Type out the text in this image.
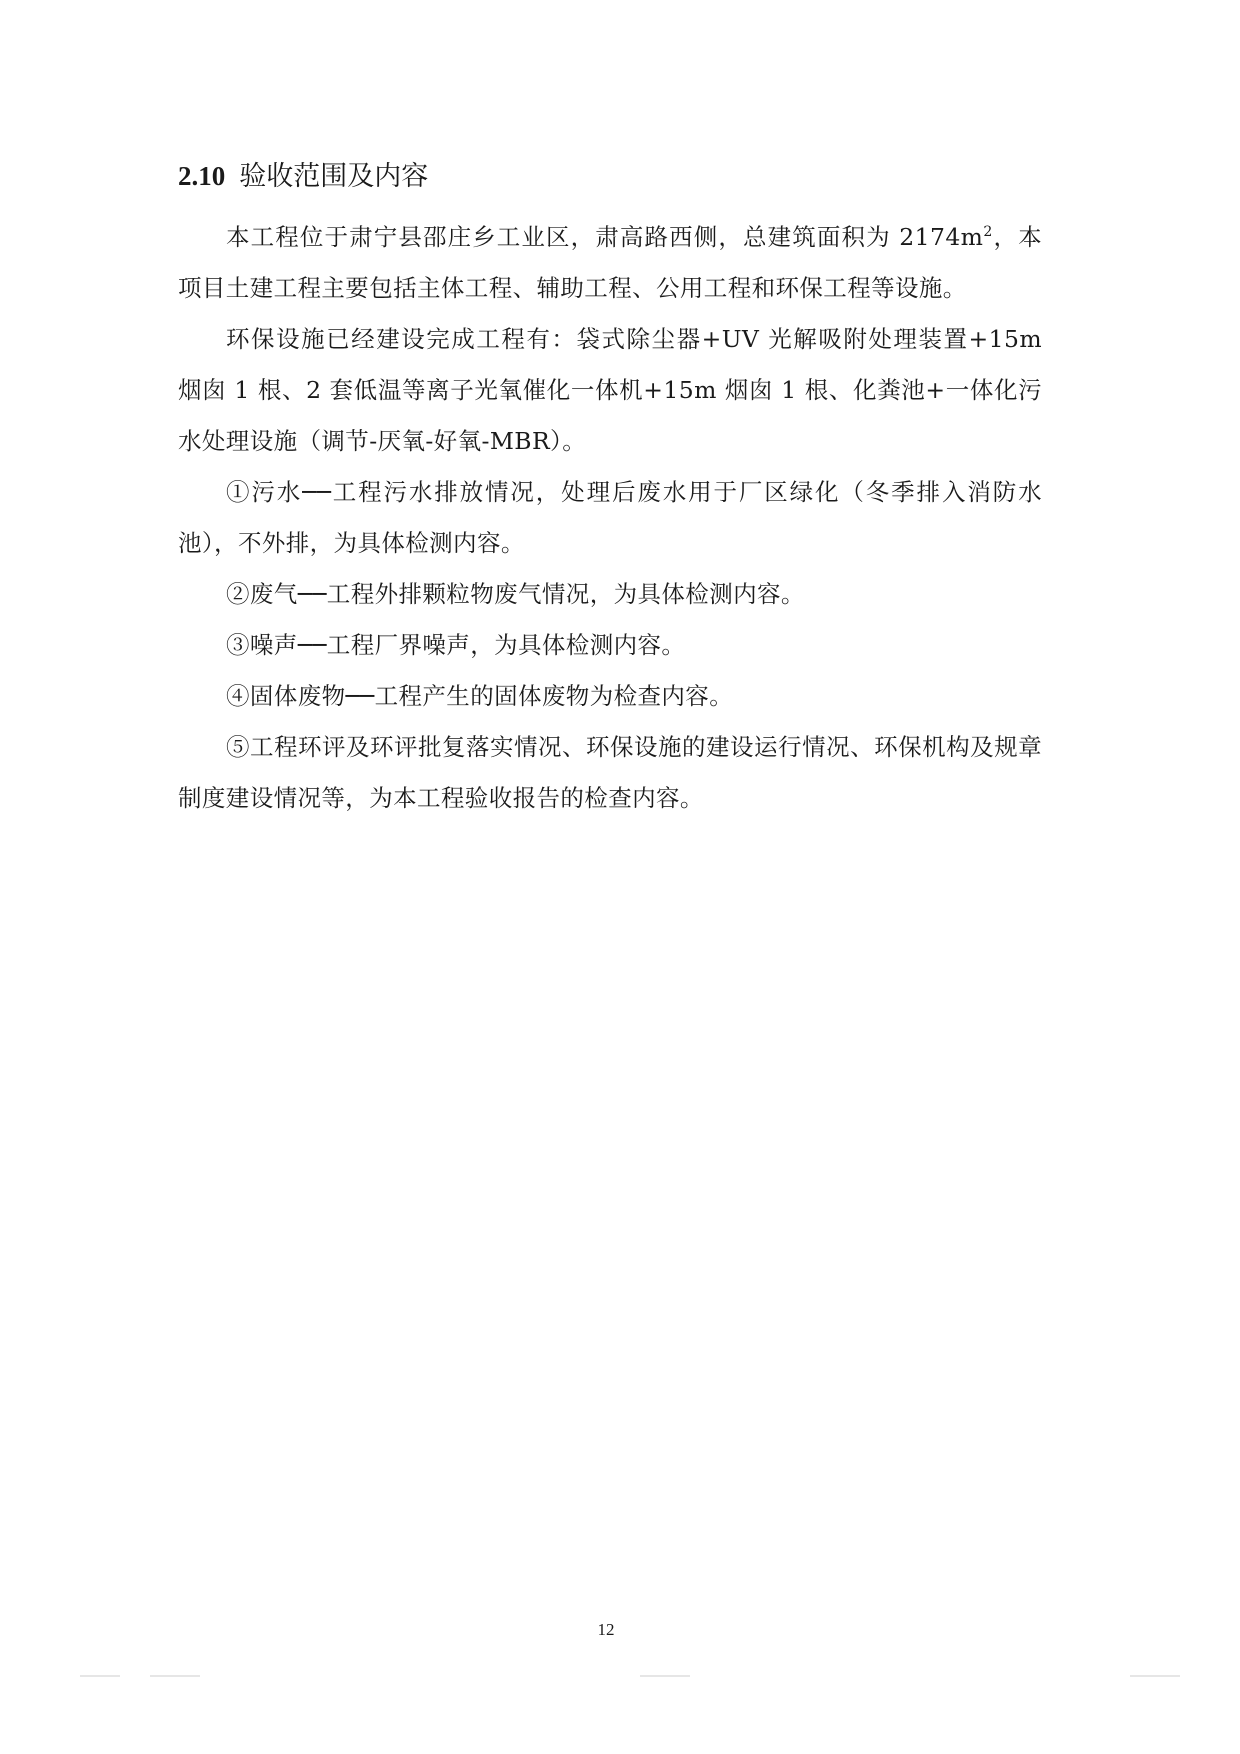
2.10 验收范围及内容

本工程位于肃宁县邵庄乡工业区，肃高路西侧，总建筑面积为 $2174m^2$，本项目土建工程主要包括主体工程、辅助工程、公用工程和环保工程等设施。

环保设施已经建设完成工程有：袋式除尘器+UV 光解吸附处理装置+15m 烟囱 1 根、2 套低温等离子光氧催化一体机+15m 烟囱 1 根、化粪池+一体化污水处理设施（调节-厌氧-好氧-MBR）。

①污水──工程污水排放情况，处理后废水用于厂区绿化（冬季排入消防水池），不外排，为具体检测内容。

②废气──工程外排颗粒物废气情况，为具体检测内容。

③噪声──工程厂界噪声，为具体检测内容。

④固体废物──工程产生的固体废物为检查内容。

⑤工程环评及环评批复落实情况、环保设施的建设运行情况、环保机构及规章制度建设情况等，为本工程验收报告的检查内容。

12
